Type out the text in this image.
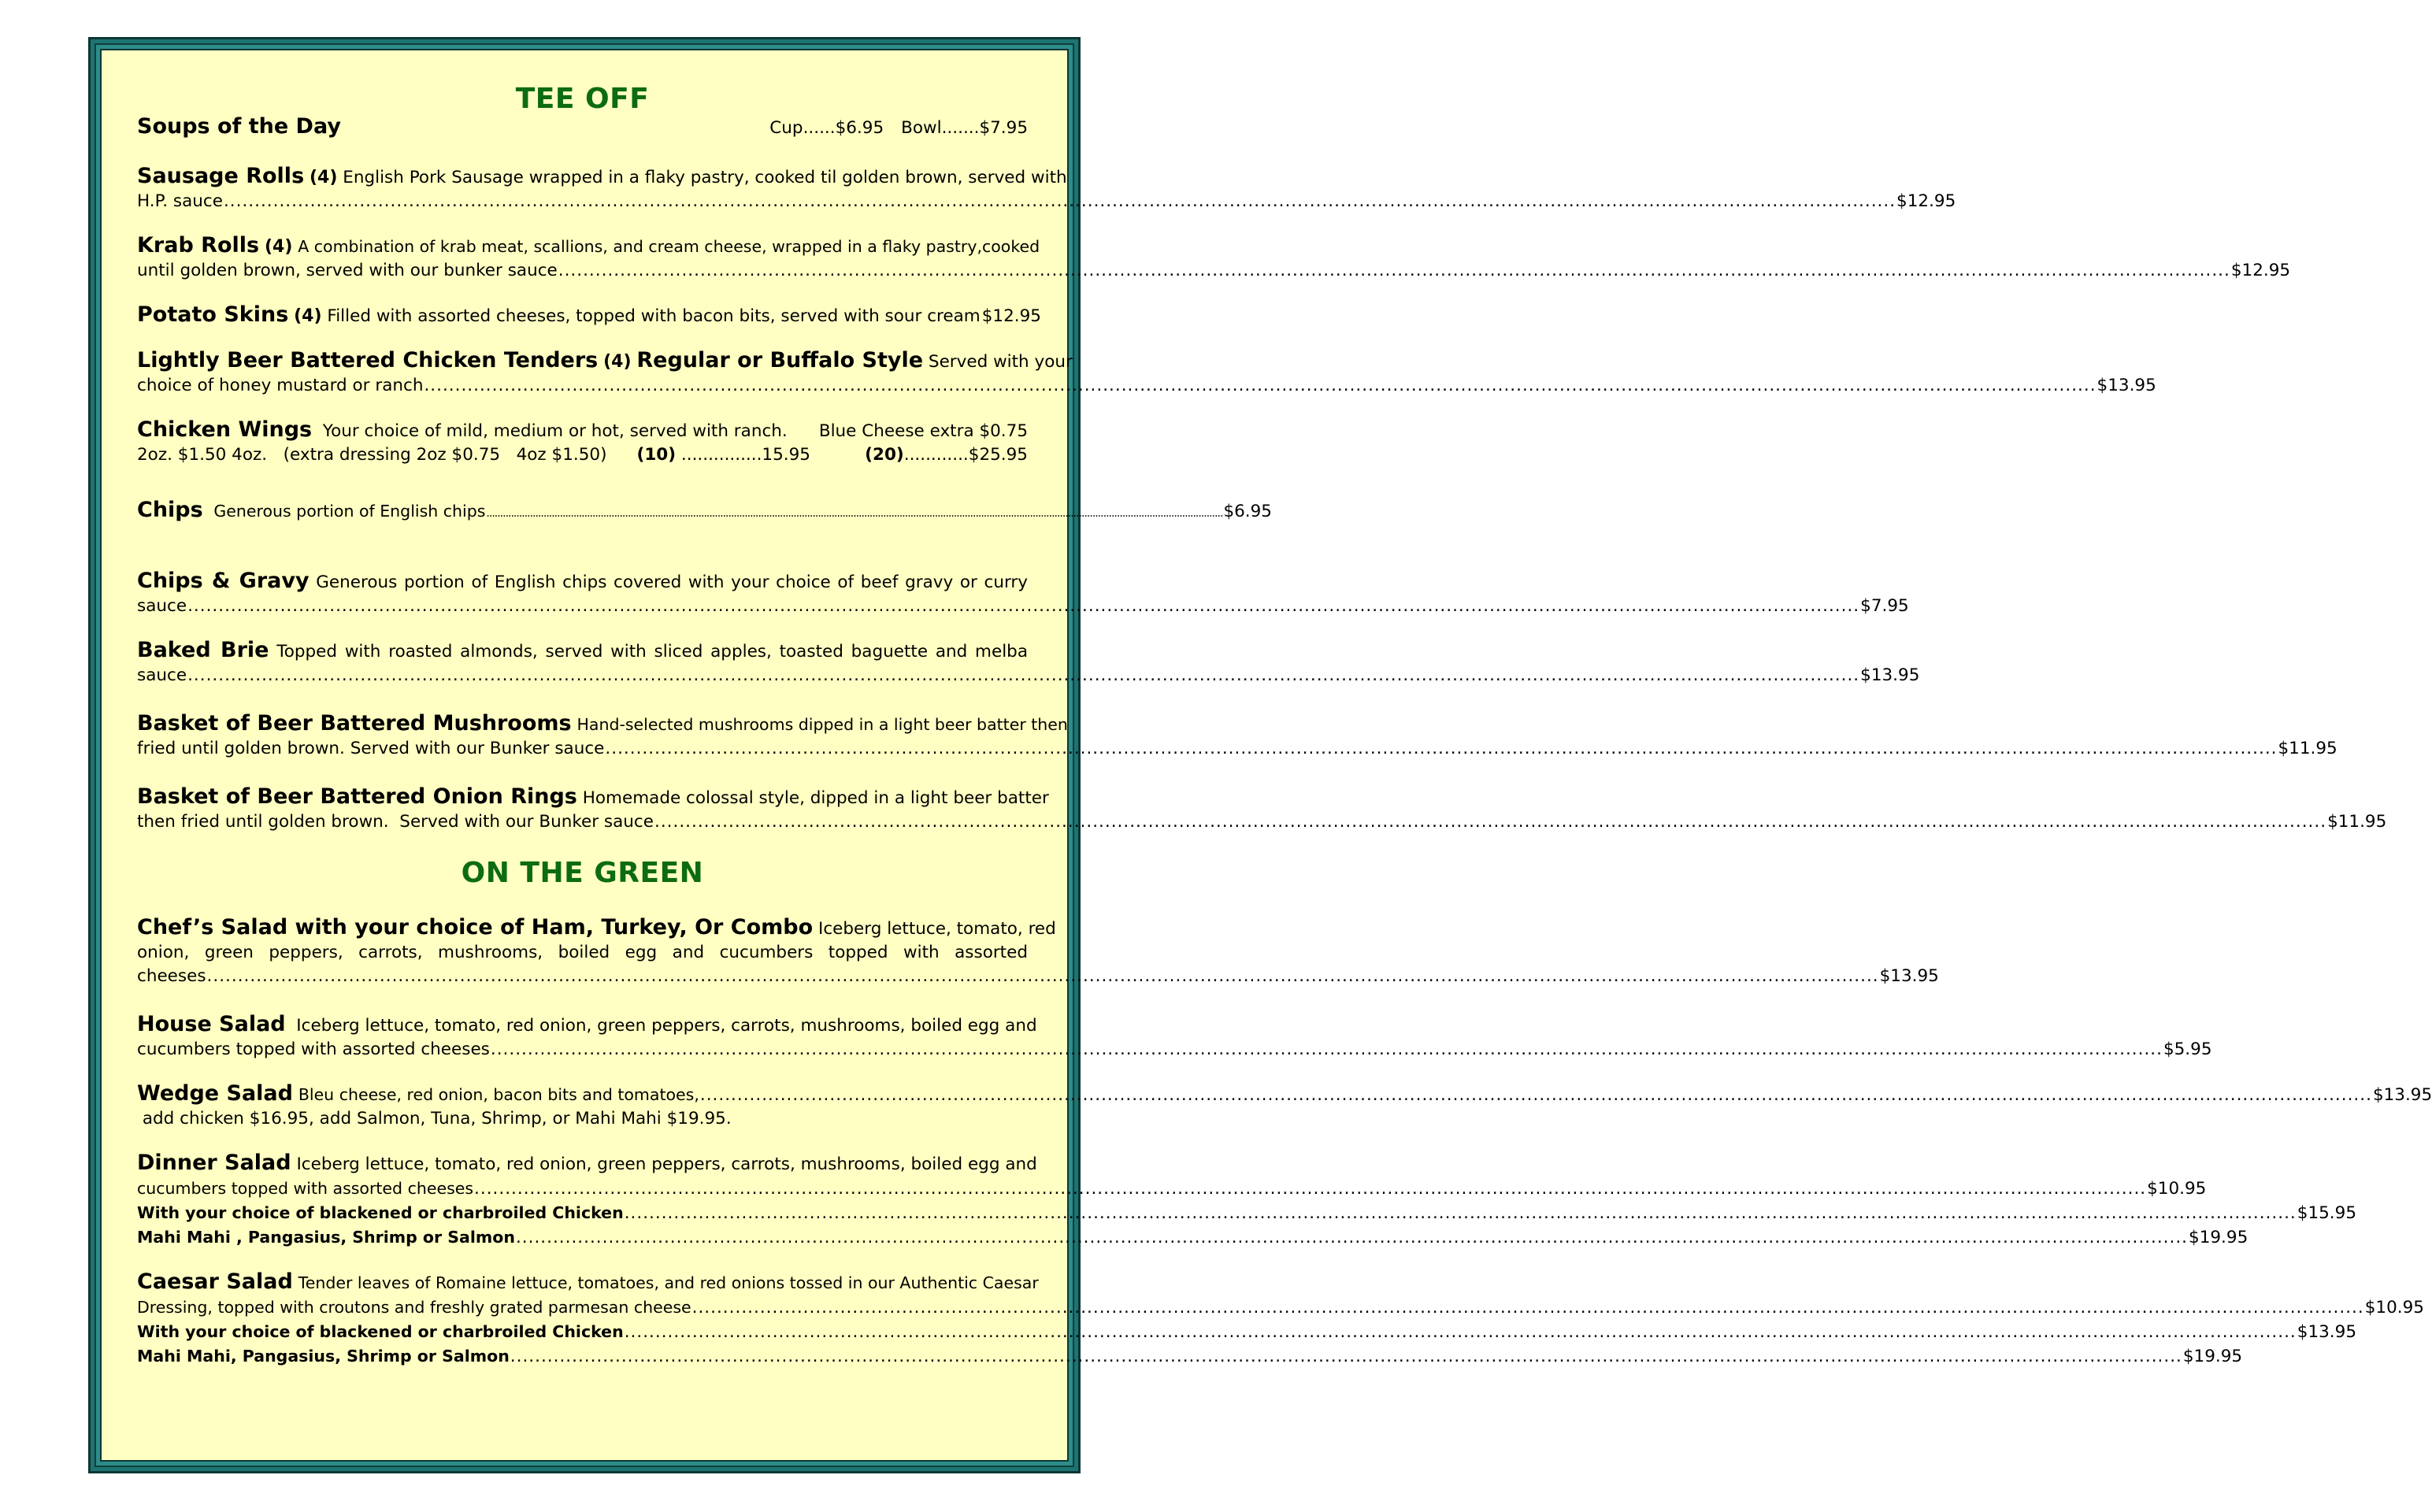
TEE OFF
Soups of the Day	Cup......$6.95 Bowl.......$7.95
Sausage Rolls
(4)
English Pork Sausage wrapped in a flaky pastry, cooked til golden brown, served with
H.P. sauce .....	$12.95
Krab Rolls
(4)
A combination of krab meat, scallions, and cream cheese, wrapped in a flaky pastry,cooked
until golden brown, served with our bunker sauce .....	$12.95
Potato Skins
(4)
Filled with assorted cheeses, topped with bacon bits, served with sour cream $12.95
Lightly Beer Battered Chicken Tenders
(4)
Regular or Buffalo Style
Served with your
choice of honey mustard or ranch .....	$13.95
Chicken Wings
Your choice of mild, medium or hot, served with ranch. Blue Cheese extra $0.75
2oz. $1.50 4oz.   (extra dressing 2oz $0.75   4oz $1.50) (10)
...............15.95	(20) ............$25.95
Chips
Generous portion of English chips .....	$6.95
Chips & Gravy Generous portion of English chips covered with your choice of beef gravy or curry
sauce .....	$7.95
Baked Brie Topped with roasted almonds, served with sliced apples, toasted baguette and melba
sauce .....	$13.95
Basket of Beer Battered Mushrooms
Hand-selected mushrooms dipped in a light beer batter then
fried until golden brown. Served with our Bunker sauce .....	$11.95
Basket of Beer Battered Onion Rings
Homemade colossal style, dipped in a light beer batter
then fried until golden brown.  Served with our Bunker sauce .....	$11.95
ON THE GREEN
Chef’s Salad with your choice of Ham, Turkey, Or Combo
Iceberg lettuce, tomato, red
onion, green peppers, carrots, mushrooms, boiled egg and cucumbers topped with assorted
cheeses .....	$13.95
House Salad
Iceberg lettuce, tomato, red onion, green peppers, carrots, mushrooms, boiled egg and
cucumbers topped with assorted cheeses .....	$5.95
Wedge Salad
Bleu cheese, red onion, bacon bits and tomatoes, .....	$13.95
add chicken $16.95, add Salmon, Tuna, Shrimp, or Mahi Mahi $19.95.
Dinner Salad
Iceberg lettuce, tomato, red onion, green peppers, carrots, mushrooms, boiled egg and
cucumbers topped with assorted cheeses .....	$10.95
With your choice of blackened or charbroiled Chicken .....	$15.95
Mahi Mahi , Pangasius, Shrimp or Salmon .....	$19.95
Caesar Salad
Tender leaves of Romaine lettuce, tomatoes, and red onions tossed in our Authentic Caesar
Dressing, topped with croutons and freshly grated parmesan cheese .....	$10.95
With your choice of blackened or charbroiled Chicken .....	$13.95
Mahi Mahi, Pangasius, Shrimp or Salmon .....	$19.95
